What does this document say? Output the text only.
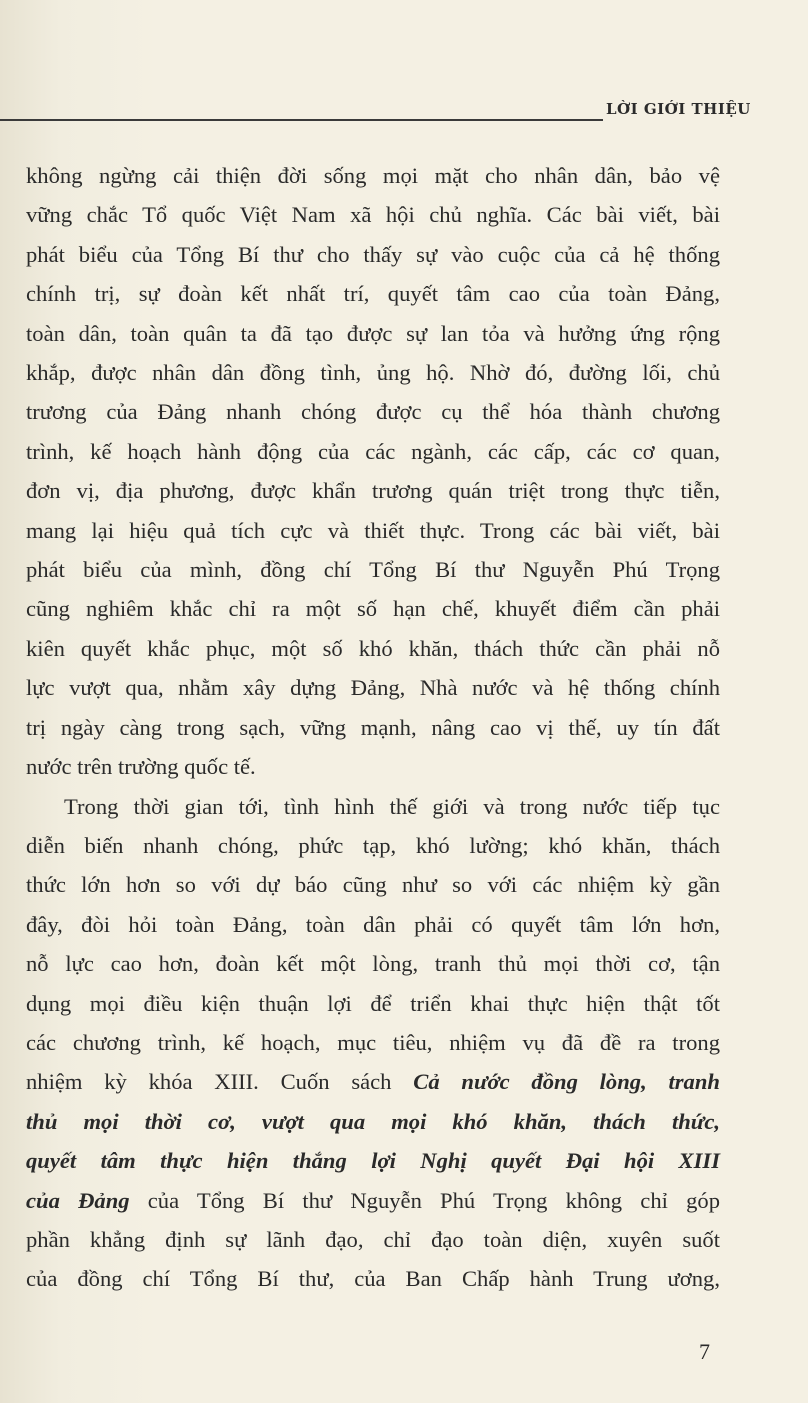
LỜI GIỚI THIỆU

không ngừng cải thiện đời sống mọi mặt cho nhân dân, bảo vệ
vững chắc Tổ quốc Việt Nam xã hội chủ nghĩa. Các bài viết, bài
phát biểu của Tổng Bí thư cho thấy sự vào cuộc của cả hệ thống
chính trị, sự đoàn kết nhất trí, quyết tâm cao của toàn Đảng,
toàn dân, toàn quân ta đã tạo được sự lan tỏa và hưởng ứng rộng
khắp, được nhân dân đồng tình, ủng hộ. Nhờ đó, đường lối, chủ
trương của Đảng nhanh chóng được cụ thể hóa thành chương
trình, kế hoạch hành động của các ngành, các cấp, các cơ quan,
đơn vị, địa phương, được khẩn trương quán triệt trong thực tiễn,
mang lại hiệu quả tích cực và thiết thực. Trong các bài viết, bài
phát biểu của mình, đồng chí Tổng Bí thư Nguyễn Phú Trọng
cũng nghiêm khắc chỉ ra một số hạn chế, khuyết điểm cần phải
kiên quyết khắc phục, một số khó khăn, thách thức cần phải nỗ
lực vượt qua, nhằm xây dựng Đảng, Nhà nước và hệ thống chính
trị ngày càng trong sạch, vững mạnh, nâng cao vị thế, uy tín đất
nước trên trường quốc tế.

Trong thời gian tới, tình hình thế giới và trong nước tiếp tục
diễn biến nhanh chóng, phức tạp, khó lường; khó khăn, thách
thức lớn hơn so với dự báo cũng như so với các nhiệm kỳ gần
đây, đòi hỏi toàn Đảng, toàn dân phải có quyết tâm lớn hơn,
nỗ lực cao hơn, đoàn kết một lòng, tranh thủ mọi thời cơ, tận
dụng mọi điều kiện thuận lợi để triển khai thực hiện thật tốt
các chương trình, kế hoạch, mục tiêu, nhiệm vụ đã đề ra trong
nhiệm kỳ khóa XIII. Cuốn sách Cả nước đồng lòng, tranh
thủ mọi thời cơ, vượt qua mọi khó khăn, thách thức,
quyết tâm thực hiện thắng lợi Nghị quyết Đại hội XIII
của Đảng của Tổng Bí thư Nguyễn Phú Trọng không chỉ góp
phần khẳng định sự lãnh đạo, chỉ đạo toàn diện, xuyên suốt
của đồng chí Tổng Bí thư, của Ban Chấp hành Trung ương,

7
